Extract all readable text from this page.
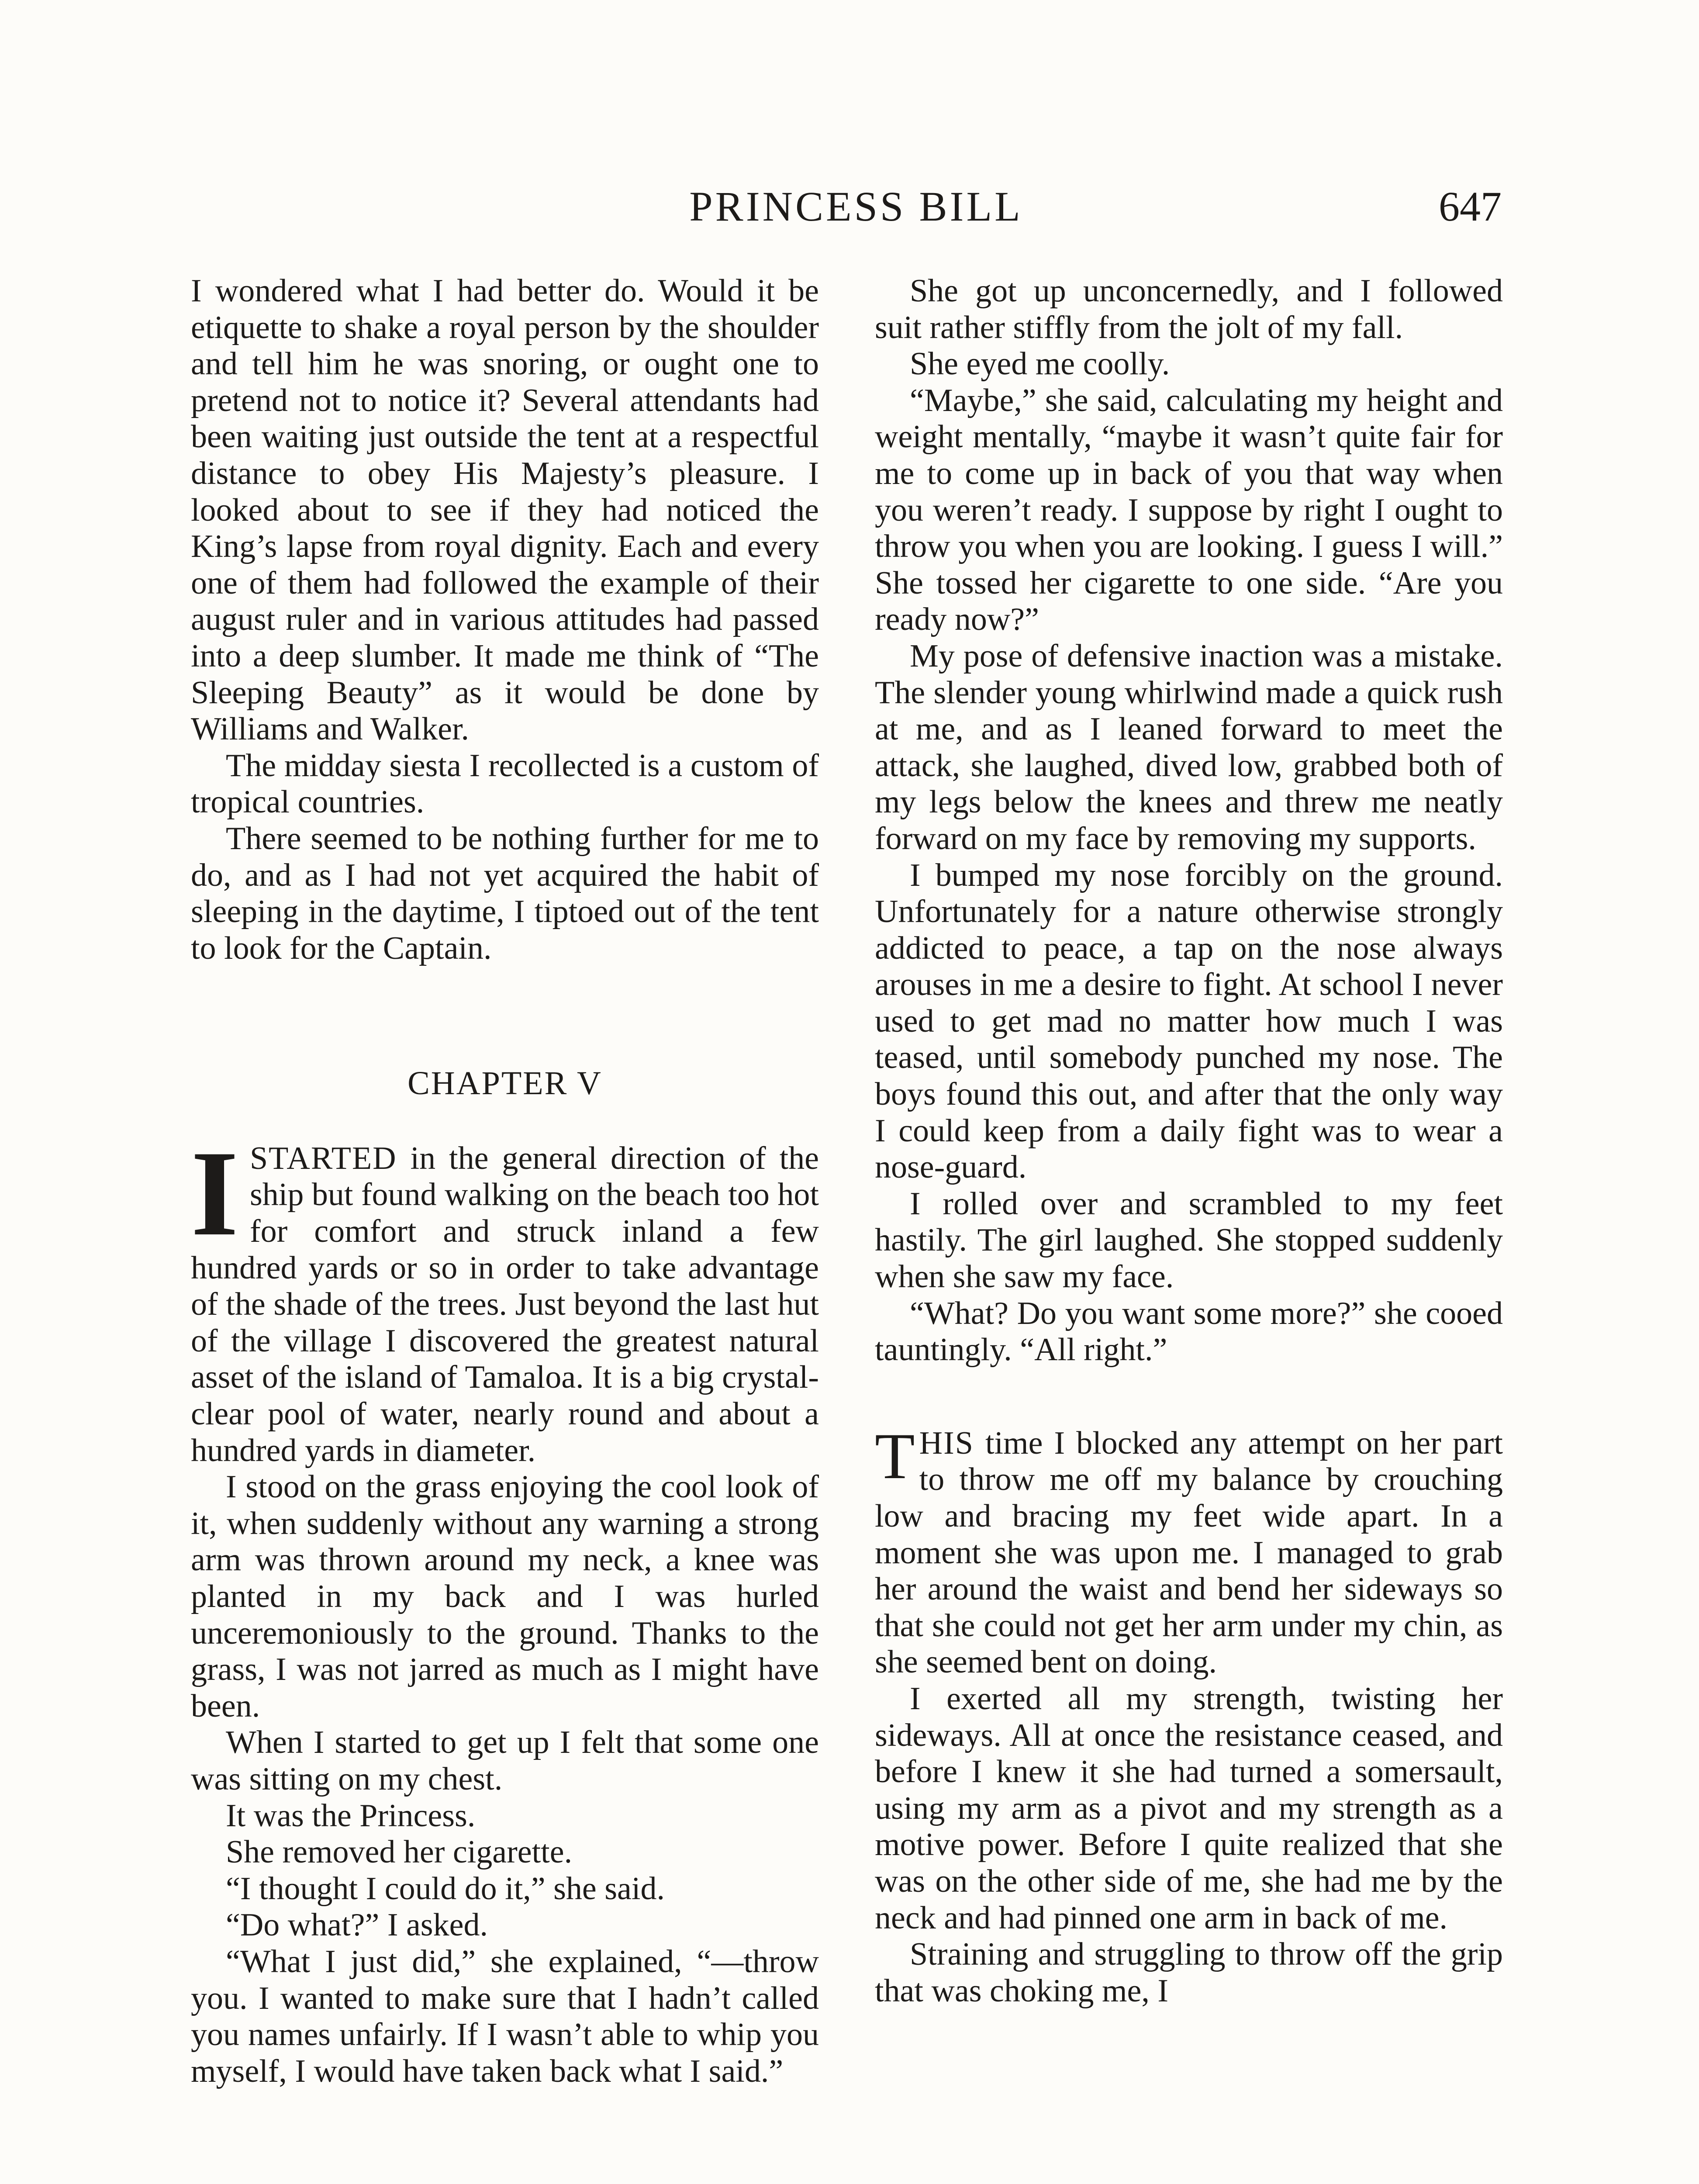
PRINCESS BILL	647

I wondered what I had better do. Would it be etiquette to shake a royal person by the shoulder and tell him he was snoring, or ought one to pretend not to notice it? Several attendants had been waiting just outside the tent at a respectful distance to obey His Majesty’s pleasure. I looked about to see if they had noticed the King’s lapse from royal dignity. Each and every one of them had followed the example of their august ruler and in various attitudes had passed into a deep slumber. It made me think of “The Sleeping Beauty” as it would be done by Williams and Walker.

The midday siesta I recollected is a custom of tropical countries.

There seemed to be nothing further for me to do, and as I had not yet acquired the habit of sleeping in the daytime, I tiptoed out of the tent to look for the Captain.

CHAPTER V

ISTARTED in the general direction of the ship but found walking on the beach too hot for comfort and struck inland a few hundred yards or so in order to take advantage of the shade of the trees. Just beyond the last hut of the village I discovered the greatest natural asset of the island of Tamaloa. It is a big crystal-clear pool of water, nearly round and about a hundred yards in diameter.

I stood on the grass enjoying the cool look of it, when suddenly without any warning a strong arm was thrown around my neck, a knee was planted in my back and I was hurled unceremoniously to the ground. Thanks to the grass, I was not jarred as much as I might have been.

When I started to get up I felt that some one was sitting on my chest.

It was the Princess.

She removed her cigarette.

“I thought I could do it,” she said.

“Do what?” I asked.

“What I just did,” she explained, “—throw you. I wanted to make sure that I hadn’t called you names unfairly. If I wasn’t able to whip you myself, I would have taken back what I said.”

She got up unconcernedly, and I followed suit rather stiffly from the jolt of my fall.

She eyed me coolly.

“Maybe,” she said, calculating my height and weight mentally, “maybe it wasn’t quite fair for me to come up in back of you that way when you weren’t ready. I suppose by right I ought to throw you when you are looking. I guess I will.” She tossed her cigarette to one side. “Are you ready now?”

My pose of defensive inaction was a mistake. The slender young whirlwind made a quick rush at me, and as I leaned forward to meet the attack, she laughed, dived low, grabbed both of my legs below the knees and threw me neatly forward on my face by removing my supports.

I bumped my nose forcibly on the ground. Unfortunately for a nature otherwise strongly addicted to peace, a tap on the nose always arouses in me a desire to fight. At school I never used to get mad no matter how much I was teased, until somebody punched my nose. The boys found this out, and after that the only way I could keep from a daily fight was to wear a nose-guard.

I rolled over and scrambled to my feet hastily. The girl laughed. She stopped suddenly when she saw my face.

“What? Do you want some more?” she cooed tauntingly. “All right.”

THIS time I blocked any attempt on her part to throw me off my balance by crouching low and bracing my feet wide apart. In a moment she was upon me. I managed to grab her around the waist and bend her sideways so that she could not get her arm under my chin, as she seemed bent on doing.

I exerted all my strength, twisting her sideways. All at once the resistance ceased, and before I knew it she had turned a somersault, using my arm as a pivot and my strength as a motive power. Before I quite realized that she was on the other side of me, she had me by the neck and had pinned one arm in back of me.

Straining and struggling to throw off the grip that was choking me, I
